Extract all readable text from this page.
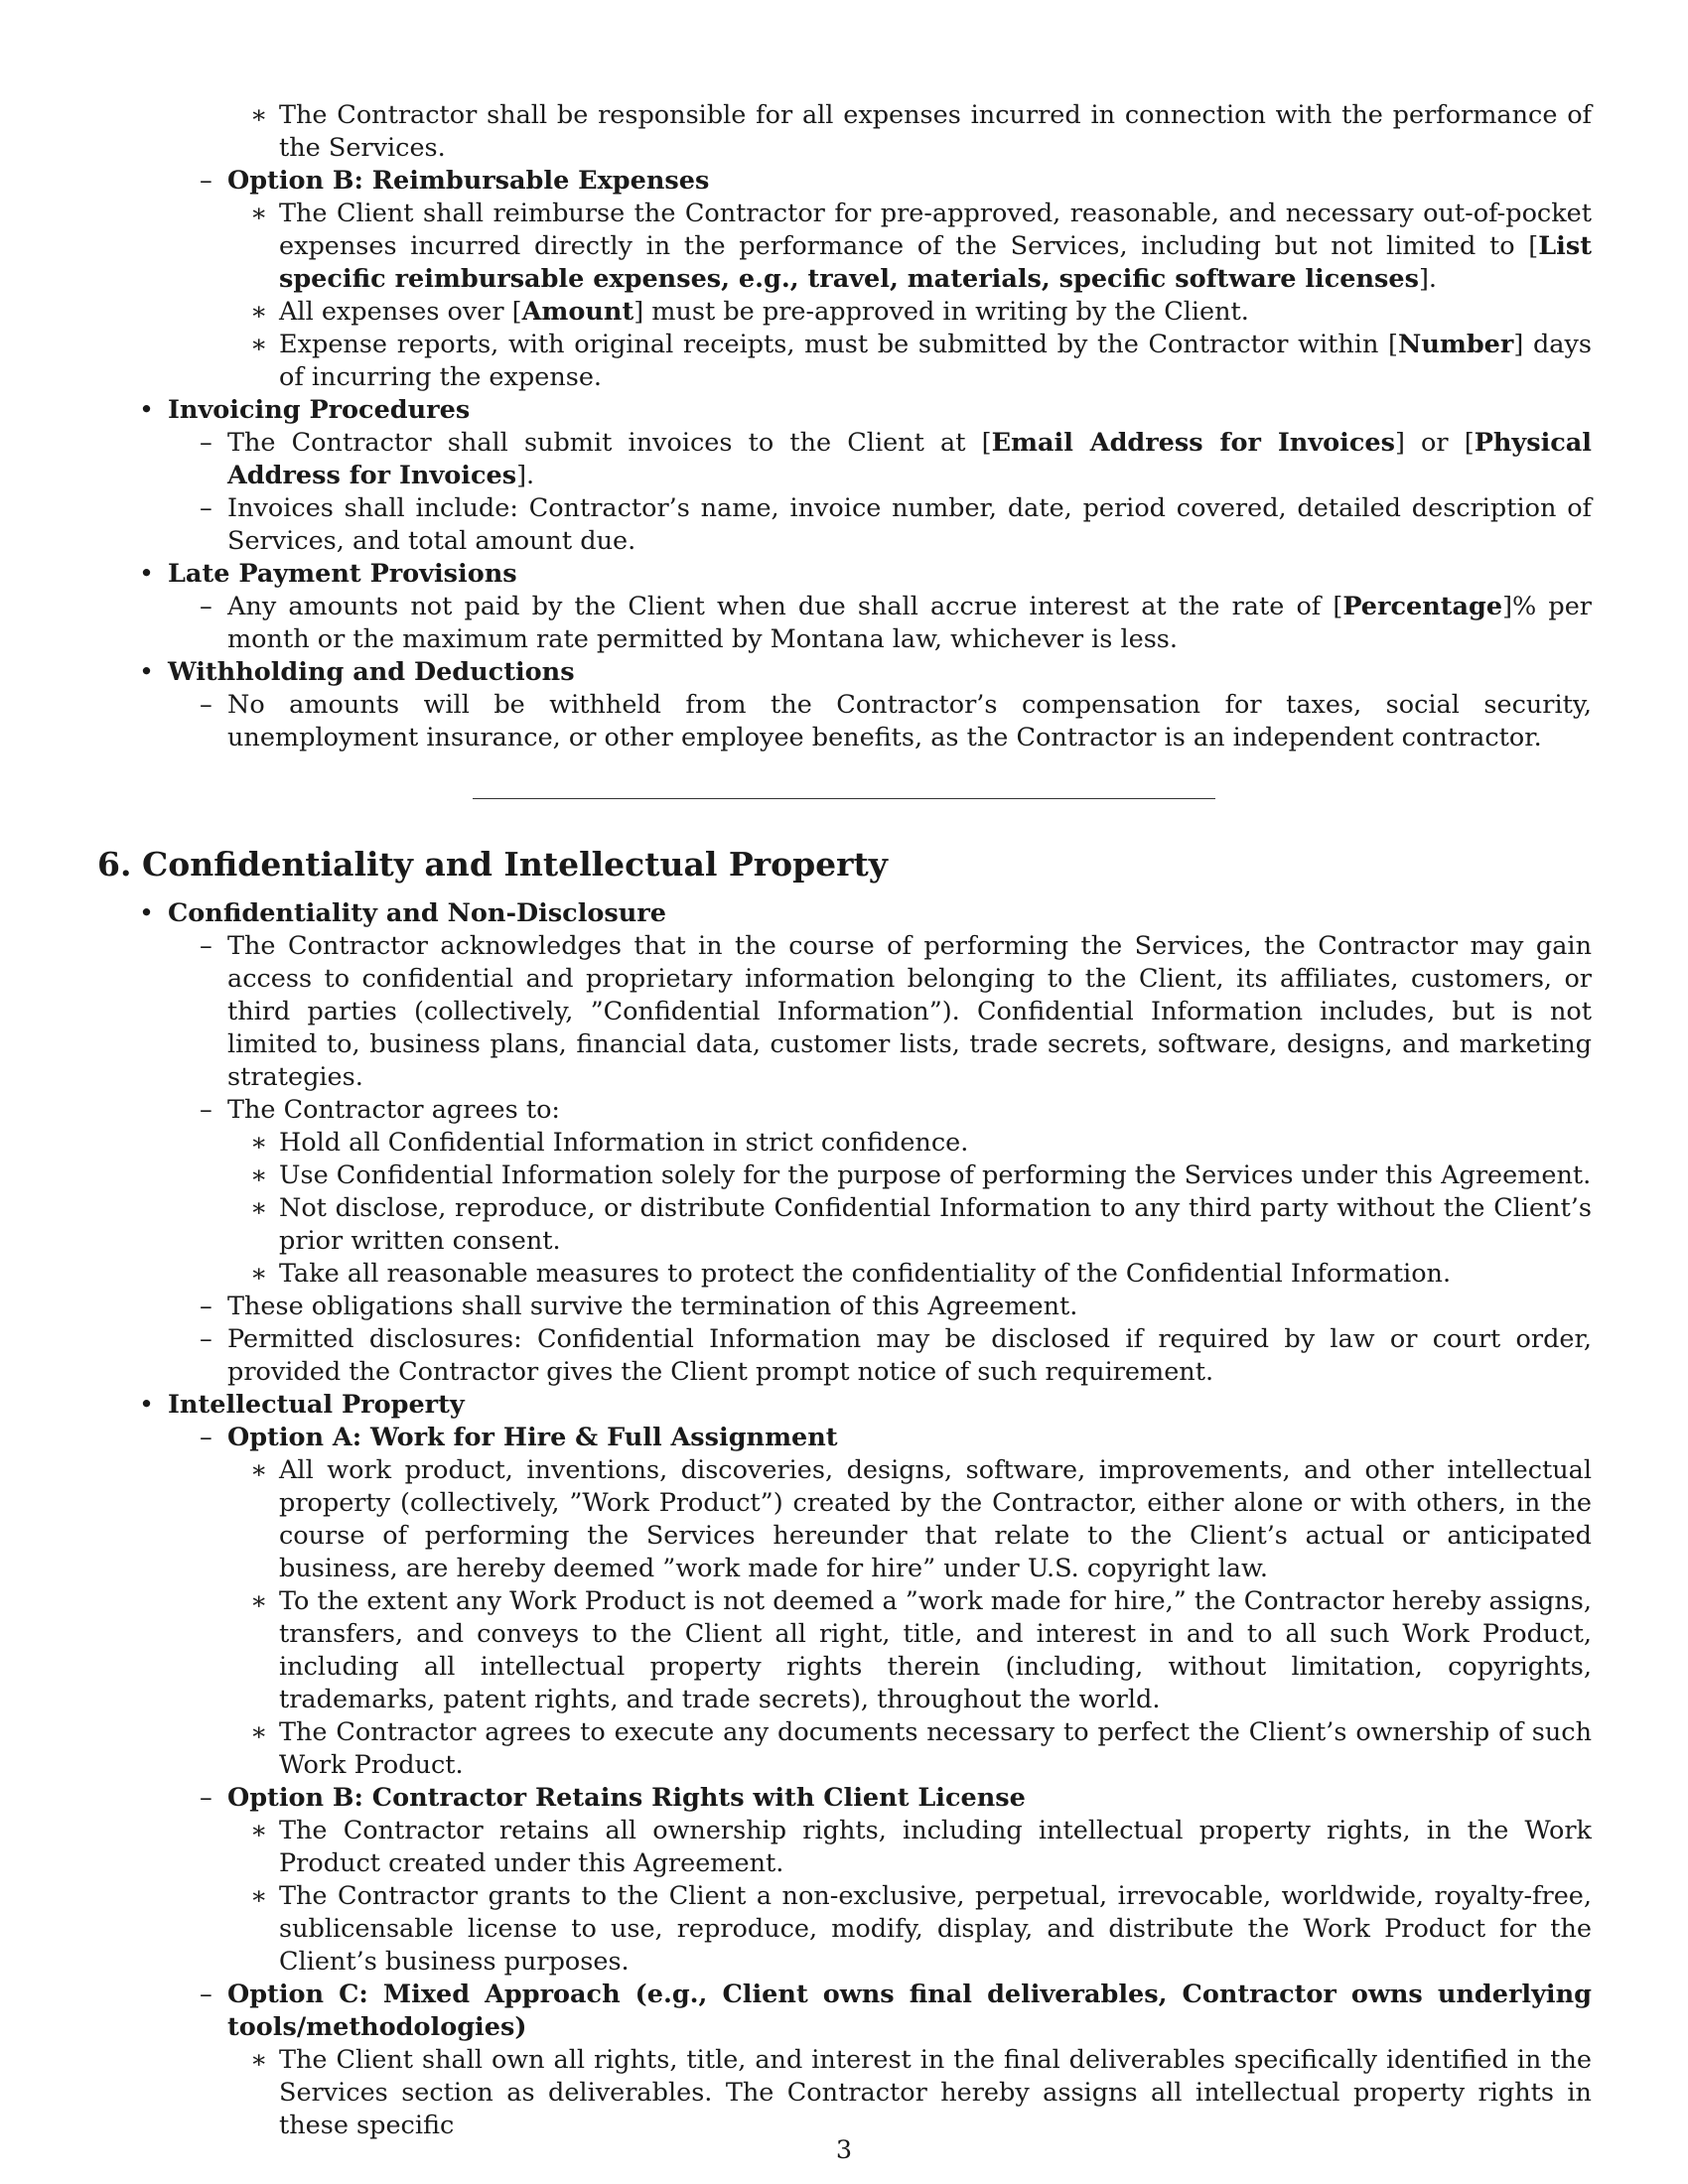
∗ The Contractor shall be responsible for all expenses incurred in connection with the performance of the Services.
– Option B: Reimbursable Expenses
∗ The Client shall reimburse the Contractor for pre-approved, reasonable, and necessary out-of-pocket expenses incurred directly in the performance of the Services, including but not limited to [List specific reimbursable expenses, e.g., travel, materials, specific software licenses].
∗ All expenses over [Amount] must be pre-approved in writing by the Client.
∗ Expense reports, with original receipts, must be submitted by the Contractor within [Number] days of incurring the expense.
• Invoicing Procedures
– The Contractor shall submit invoices to the Client at [Email Address for Invoices] or [Physical Address for Invoices].
– Invoices shall include: Contractor’s name, invoice number, date, period covered, detailed description of Services, and total amount due.
• Late Payment Provisions
– Any amounts not paid by the Client when due shall accrue interest at the rate of [Percentage]% per month or the maximum rate permitted by Montana law, whichever is less.
• Withholding and Deductions
– No amounts will be withheld from the Contractor’s compensation for taxes, social security, unemployment insurance, or other employee benefits, as the Contractor is an independent contractor.
6. Confidentiality and Intellectual Property
• Confidentiality and Non-Disclosure
– The Contractor acknowledges that in the course of performing the Services, the Contractor may gain access to confidential and proprietary information belonging to the Client, its affiliates, customers, or third parties (collectively, ”Confidential Information”). Confidential Information includes, but is not limited to, business plans, financial data, customer lists, trade secrets, software, designs, and marketing strategies.
– The Contractor agrees to:
∗ Hold all Confidential Information in strict confidence.
∗ Use Confidential Information solely for the purpose of performing the Services under this Agreement.
∗ Not disclose, reproduce, or distribute Confidential Information to any third party without the Client’s prior written consent.
∗ Take all reasonable measures to protect the confidentiality of the Confidential Information.
– These obligations shall survive the termination of this Agreement.
– Permitted disclosures: Confidential Information may be disclosed if required by law or court order, provided the Contractor gives the Client prompt notice of such requirement.
• Intellectual Property
– Option A: Work for Hire & Full Assignment
∗ All work product, inventions, discoveries, designs, software, improvements, and other intellectual property (collectively, ”Work Product”) created by the Contractor, either alone or with others, in the course of performing the Services hereunder that relate to the Client’s actual or anticipated business, are hereby deemed ”work made for hire” under U.S. copyright law.
∗ To the extent any Work Product is not deemed a ”work made for hire,” the Contractor hereby assigns, transfers, and conveys to the Client all right, title, and interest in and to all such Work Product, including all intellectual property rights therein (including, without limitation, copyrights, trademarks, patent rights, and trade secrets), throughout the world.
∗ The Contractor agrees to execute any documents necessary to perfect the Client’s ownership of such Work Product.
– Option B: Contractor Retains Rights with Client License
∗ The Contractor retains all ownership rights, including intellectual property rights, in the Work Product created under this Agreement.
∗ The Contractor grants to the Client a non-exclusive, perpetual, irrevocable, worldwide, royalty-free, sublicensable license to use, reproduce, modify, display, and distribute the Work Product for the Client’s business purposes.
– Option C: Mixed Approach (e.g., Client owns final deliverables, Contractor owns underlying tools/methodologies)
∗ The Client shall own all rights, title, and interest in the final deliverables specifically identified in the Services section as deliverables. The Contractor hereby assigns all intellectual property rights in these specific
3
